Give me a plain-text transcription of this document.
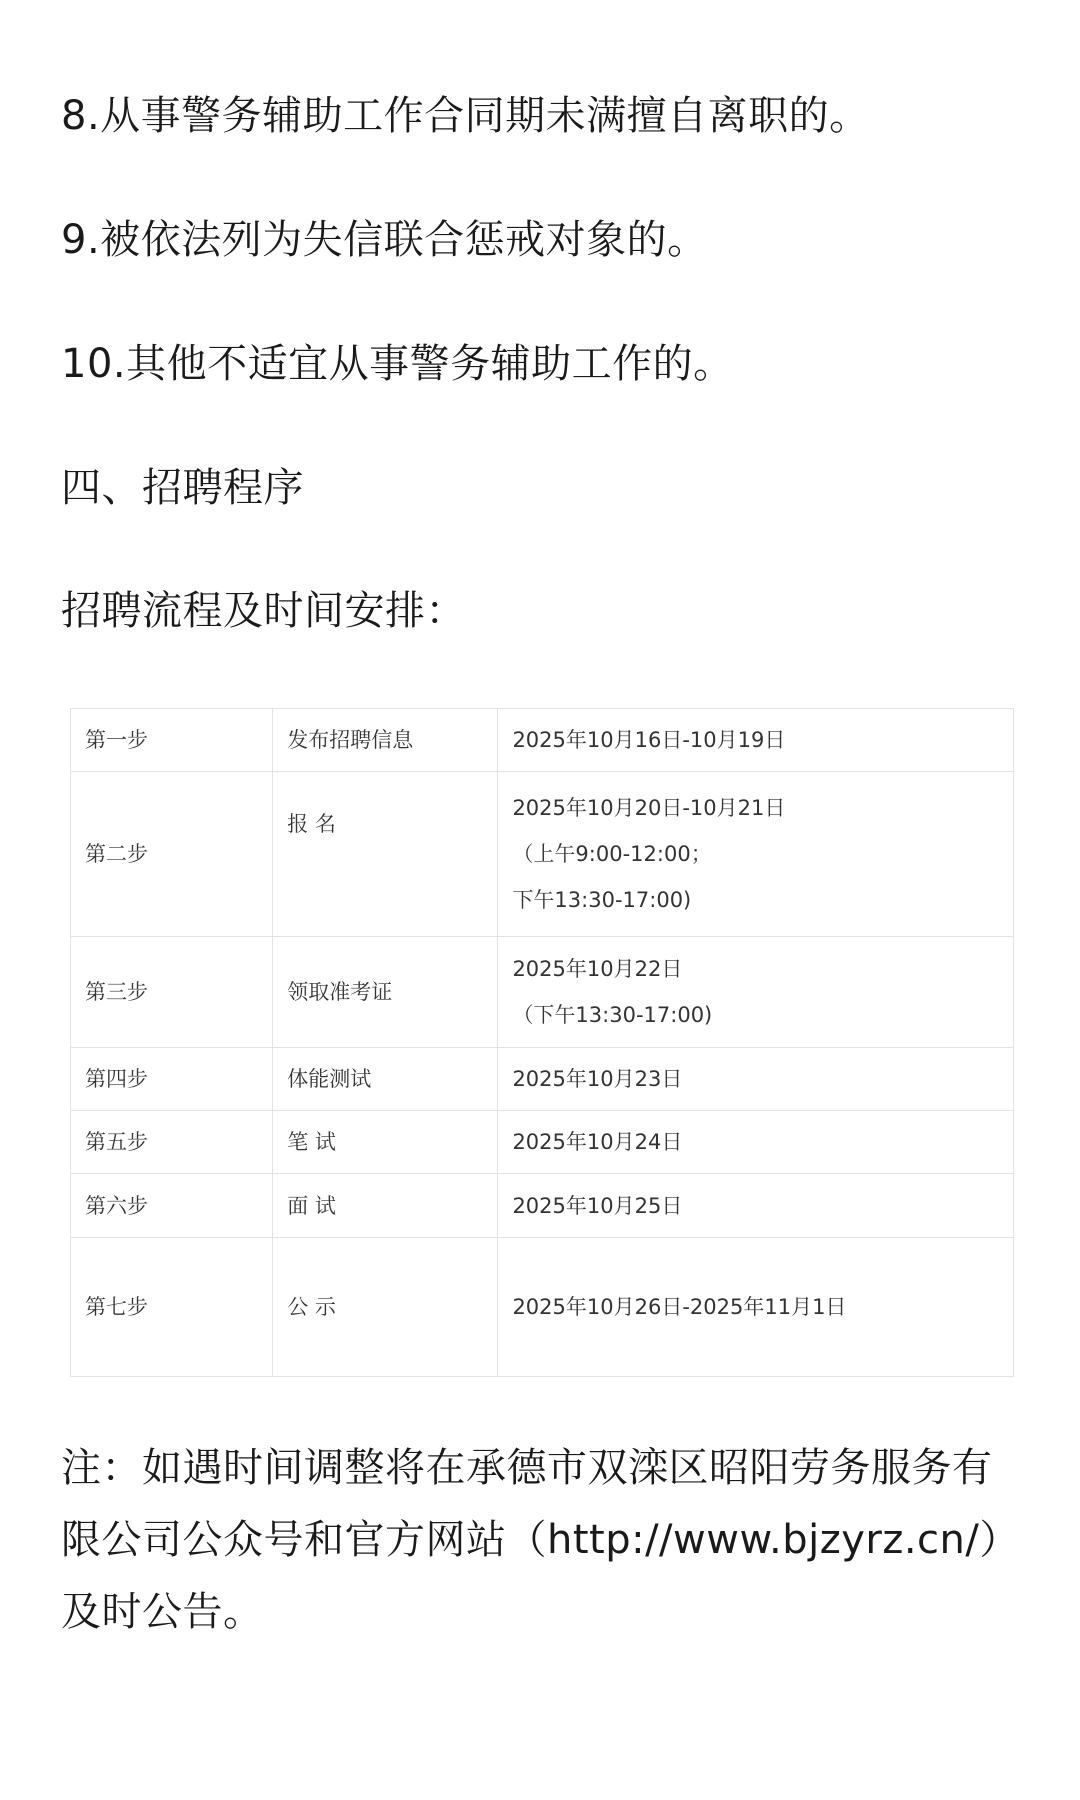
8.从事警务辅助工作合同期未满擅自离职的。

9.被依法列为失信联合惩戒对象的。

10.其他不适宜从事警务辅助工作的。

四、招聘程序

招聘流程及时间安排：

注：如遇时间调整将在承德市双滦区昭阳劳务服务有限公司公众号和官方网站（http://www.bjzyrz.cn/）及时公告。

第一步	发布招聘信息	2025年10月16日-10月19日

第二步	报 名	2025年10月20日-10月21日
（上午9:00-12:00；
下午13:30-17:00)

第三步	领取准考证	2025年10月22日
（下午13:30-17:00)

第四步	体能测试	2025年10月23日

第五步	笔 试	2025年10月24日

第六步	面 试	2025年10月25日

第七步	公 示	2025年10月26日-2025年11月1日
